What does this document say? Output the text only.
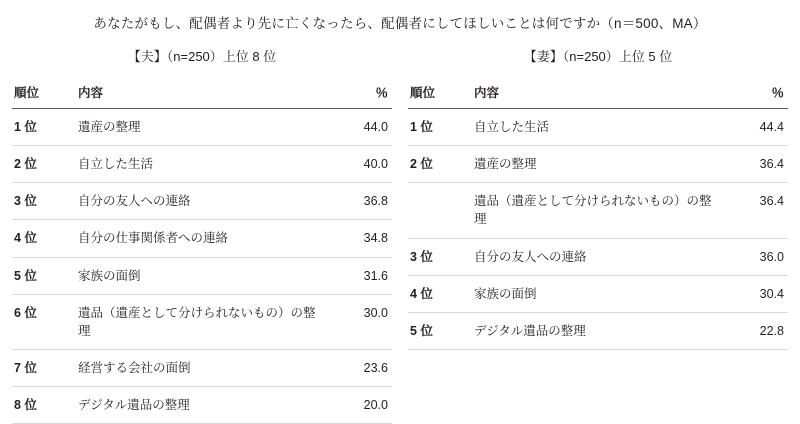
あなたがもし、配偶者より先に亡くなったら、配偶者にしてほしいことは何ですか（n＝500、MA）
【夫】（n=250）上位 8 位
順位	内容	％
1 位	遺産の整理	44.0
2 位	自立した生活	40.0
3 位	自分の友人への連絡	36.8
4 位	自分の仕事関係者への連絡	34.8
5 位	家族の面倒	31.6
6 位	遺品（遺産として分けられないもの）の整理	30.0
7 位	経営する会社の面倒	23.6
8 位	デジタル遺品の整理	20.0
【妻】（n=250）上位 5 位
順位	内容	％
1 位	自立した生活	44.4
2 位	遺産の整理	36.4
	遺品（遺産として分けられないもの）の整理	36.4
3 位	自分の友人への連絡	36.0
4 位	家族の面倒	30.4
5 位	デジタル遺品の整理	22.8
